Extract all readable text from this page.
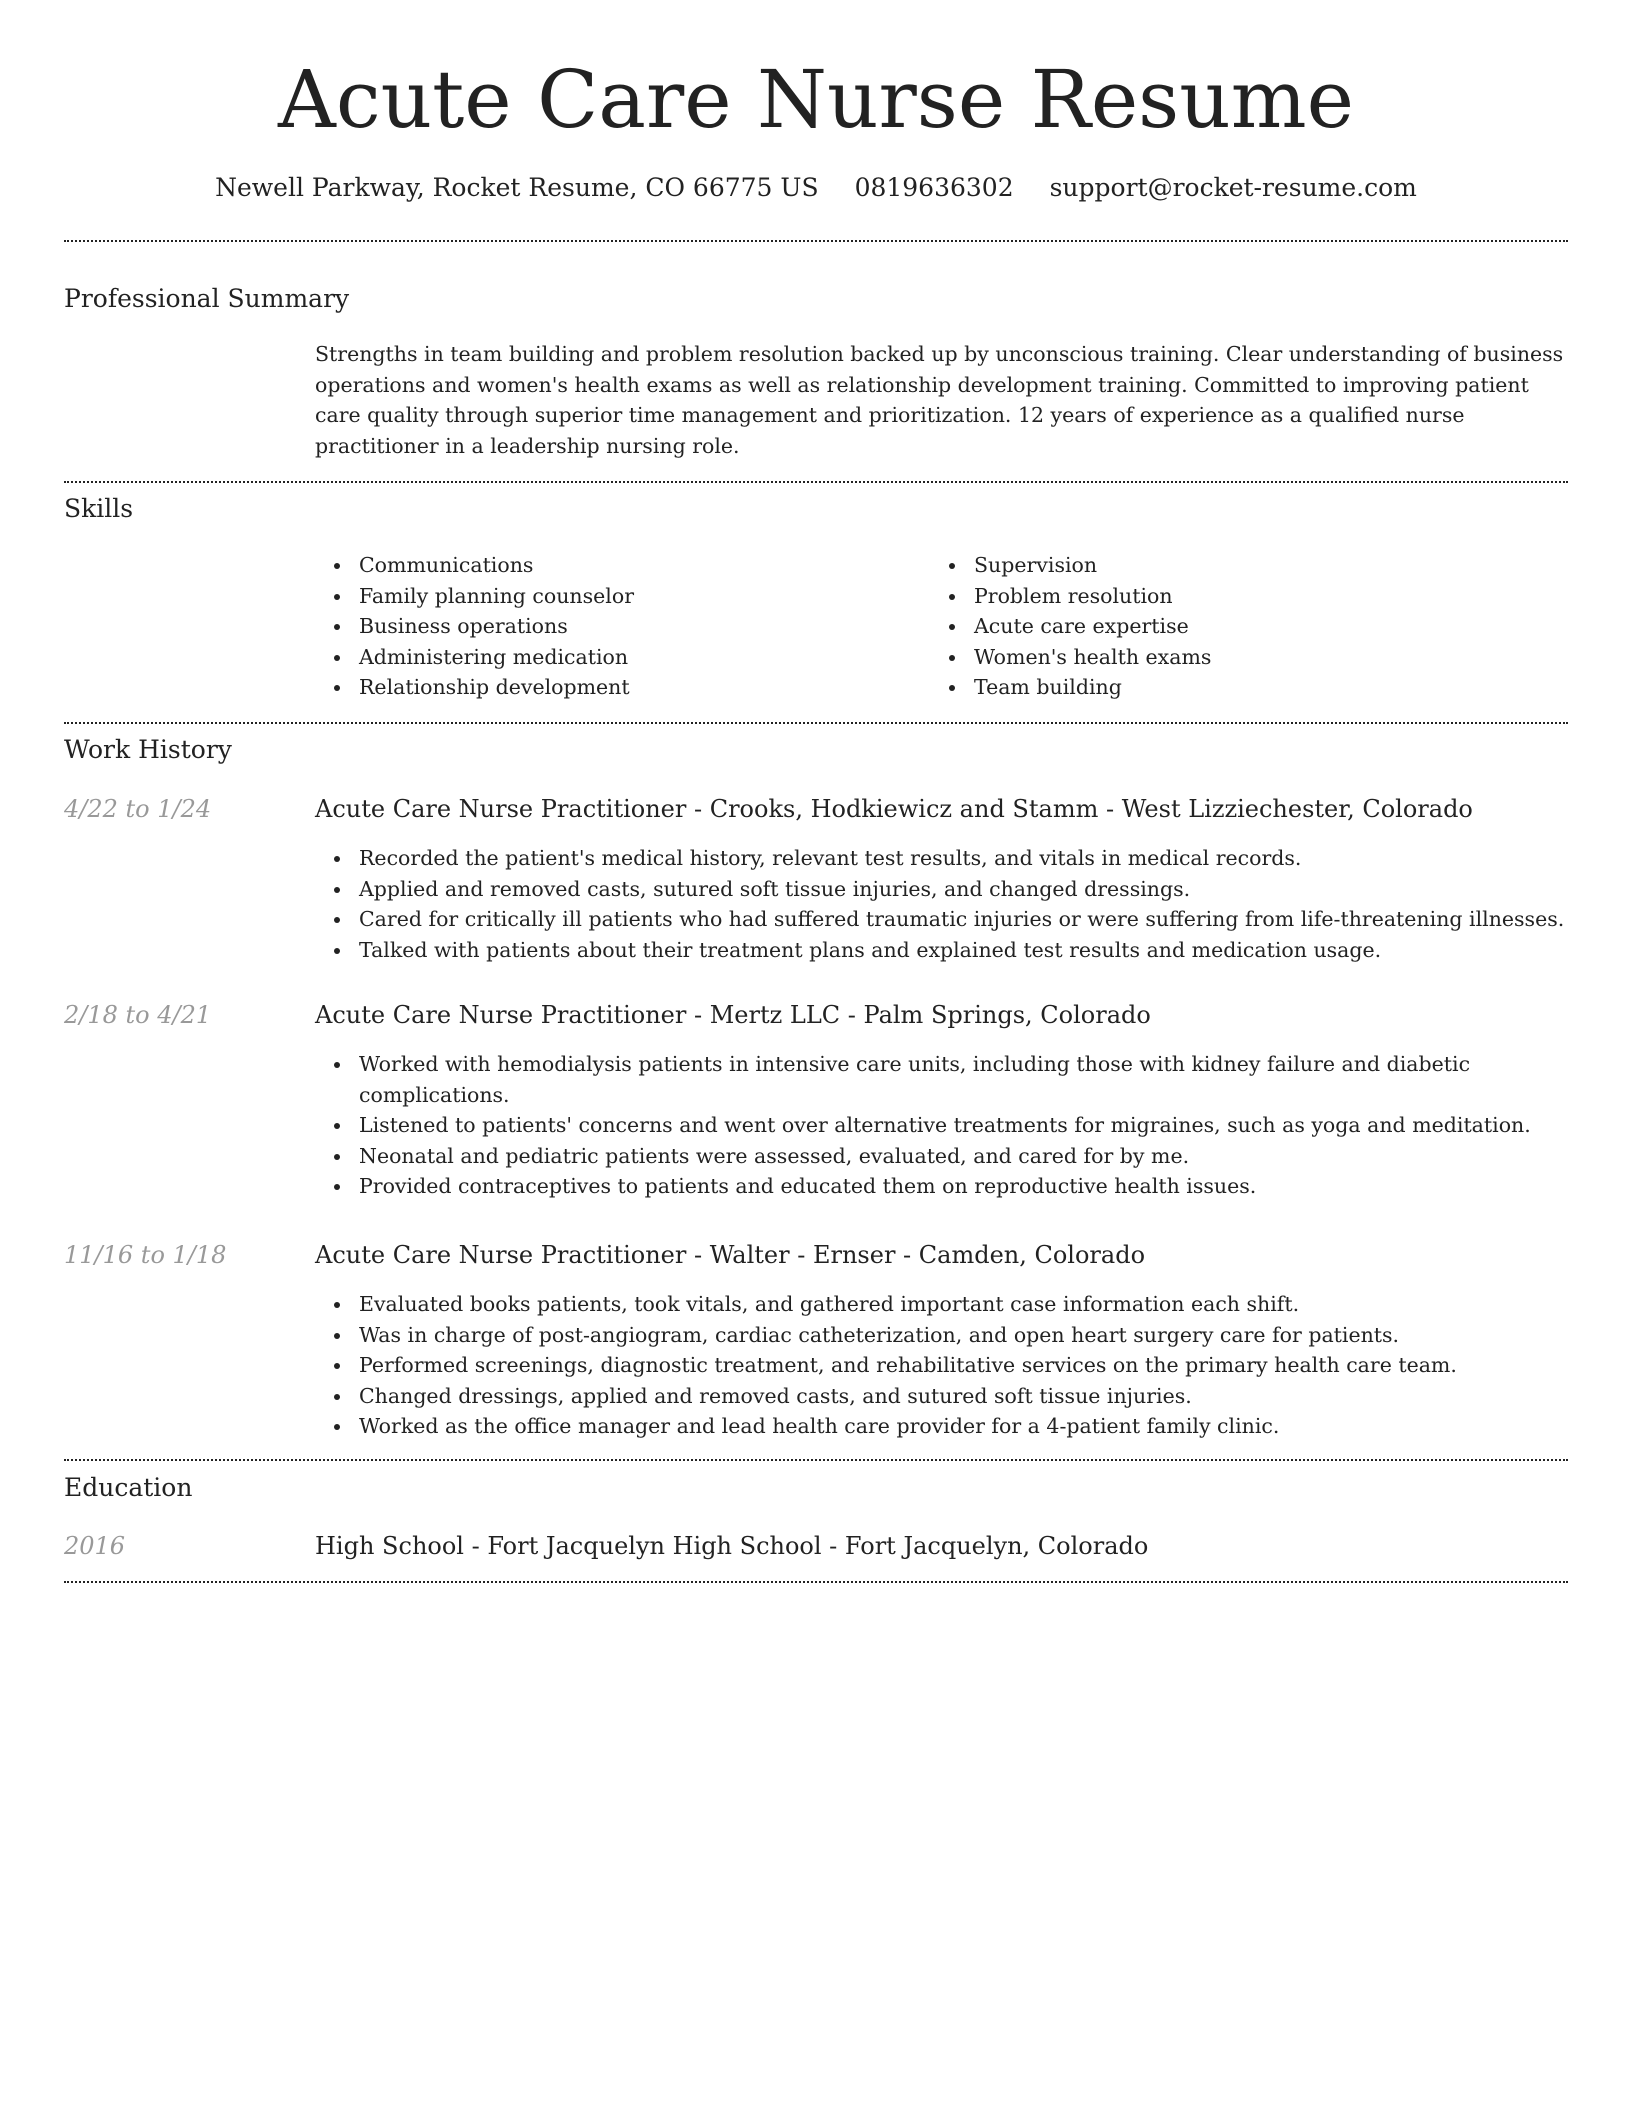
Acute Care Nurse Resume
Newell Parkway, Rocket Resume, CO 66775 US 0819636302 support@rocket-resume.com
Professional Summary

Strengths in team building and problem resolution backed up by unconscious training. Clear understanding of business operations and women's health exams as well as relationship development training. Committed to improving patient care quality through superior time management and prioritization. 12 years of experience as a qualified nurse practitioner in a leadership nursing role.

Skills
Communications
Family planning counselor
Business operations
Administering medication
Relationship development
Supervision
Problem resolution
Acute care expertise
Women's health exams
Team building
Work History
4/22 to 1/24	Acute Care Nurse Practitioner - Crooks, Hodkiewicz and Stamm - West Lizziechester, Colorado
Recorded the patient's medical history, relevant test results, and vitals in medical records.
Applied and removed casts, sutured soft tissue injuries, and changed dressings.
Cared for critically ill patients who had suffered traumatic injuries or were suffering from life-threatening illnesses.
Talked with patients about their treatment plans and explained test results and medication usage.
2/18 to 4/21	Acute Care Nurse Practitioner - Mertz LLC - Palm Springs, Colorado
Worked with hemodialysis patients in intensive care units, including those with kidney failure and diabetic complications.
Listened to patients' concerns and went over alternative treatments for migraines, such as yoga and meditation.
Neonatal and pediatric patients were assessed, evaluated, and cared for by me.
Provided contraceptives to patients and educated them on reproductive health issues.
11/16 to 1/18	Acute Care Nurse Practitioner - Walter - Ernser - Camden, Colorado
Evaluated books patients, took vitals, and gathered important case information each shift.
Was in charge of post-angiogram, cardiac catheterization, and open heart surgery care for patients.
Performed screenings, diagnostic treatment, and rehabilitative services on the primary health care team.
Changed dressings, applied and removed casts, and sutured soft tissue injuries.
Worked as the office manager and lead health care provider for a 4-patient family clinic.
Education
2016	High School - Fort Jacquelyn High School - Fort Jacquelyn, Colorado
